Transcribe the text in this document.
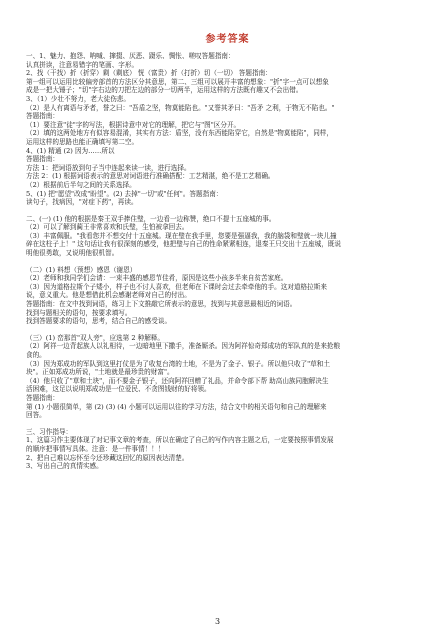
参考答案
一、1、魅力、抱怨、呐喊、撺掇、厌恶、蹑乐、惆怅、嗟叹答题指南：
认真拼读，注意易错字的笔画、字形。
2、找（干找）折（折穿）剩（剩底） 恍（富贵）折（打折）切（一切） 答题指南：
第一组可以运用比较偏旁部首的方法区分其意思，第二、三组可以展开丰富的想象："折"字一点可以想象
成是一把大锤子；"切"字右边的刀把左边的部分一切两半，运用这样的方法既有趣又不会出错。
3、（1）少壮不努力，老大徒伤悲。
（2）是人有离语与矛者，誉之曰："吾盾之坚，物莫能陷也。"又誉其矛曰："吾矛 之利，于物无不陷也。"
答题指南：
（1）要注意"徒"字的写法，根据诗意中对它的理解，把它与"图"区分开。
（2）填的这两处地方有似容易混淆，其实有方法：盾坚，没有东西能陷穿它，自然是"物莫能陷"，同样，
运用这样的思路也能正确填写第二空。
4、(1) 精通 (2) 因为……所以
答题指南：
方法 1：把词语放到句子当中连起来读一读，进行选择。
方法 2：(1) 根据词语表示的意思对词语进行准确搭配：工艺精湛，绝不是工艺精确。
（2）根据前后半句之间的关系选择。
5、(1) 把"愿望"改成"盼望"。(2) 去掉"一切"或"任何"。答题指南：
读句子，找病因，"对症下药"，再读。
二、(一) (1) 他的根据是秦王双手捧住璧，一边看一边称赞，绝口不提十五座城的事。
（2）可以了解到蔺王非常喜欢和氏璧，生怕被拿回去。
（3）丰富佩服。"我看您并不想交付十五座城。现在璧在我手里，您要是强逼我，我的脑袋和璧就一块儿撞
碎在这柱子上！" 这句话让我有很深刻的感受，他把璧与自己的性命紧紧相连，退秦王只交出十五座城，既说
明他很勇敢，又说明他很机智。
（二）(1) 料想（预想）感恩（谢恩）
（2）老师和我同学们会请：一束丰盛的感恩节佳肴，原因是这些小孩多半来自贫苦家庭。
（3）因为道格拉斯个子矮小，样子也不讨人喜欢，但老师在下课时会过去牵牵他的手。这对道格拉斯来
说，意义重大。他是想借此机会感谢老师对自己的付出。
答题指南：在文中找到词语，练习上下文推敲它所表示的意思，找到与其意思最相近的词语。
找到与题相关的语句，按要求填写。
找到答题要求的语句，思考，结合自己的感受谈。
（三）(1) 峦那首"双人旁"，应选第 2 种解释。
（2）阿祥一边背起族人以礼相待，一边暗地里下撒手，准备厮杀。因为阿祥惊奇郑成功的军队真的是来抢粮
食的。
（3）因为郑成功的军队到这里打仗是为了收复台湾的土地，不是为了金子、银子。所以他只收了"草和土
块"。正如郑成功所说，"土地就是最珍贵的财富"。
（4）他只收了"草和土块"，而不要金子银子，还向阿祥回赠了礼品，并命令部下帮 助高山族同胞解决生
活困难，这足以说明郑成功是一位爱民、不贪图钱财的好将领。
答题指南：
第 (1) 小题很简单，第 (2) (3) (4) 小题可以运用以往的学习方法，结合文中的相关语句和自己的理解来
回答。
三、习作指导：
1、这篇习作主要体现了对记事文章的考查，所以在确定了自己的写作内容主题之后，一定要按照事情发展
的顺序把事情写具体。注意：是一件事情！！！
2、把自己难以忘怀至今还珍藏这回忆的原因表达清楚。
3、写出自己的真情实感。
3
